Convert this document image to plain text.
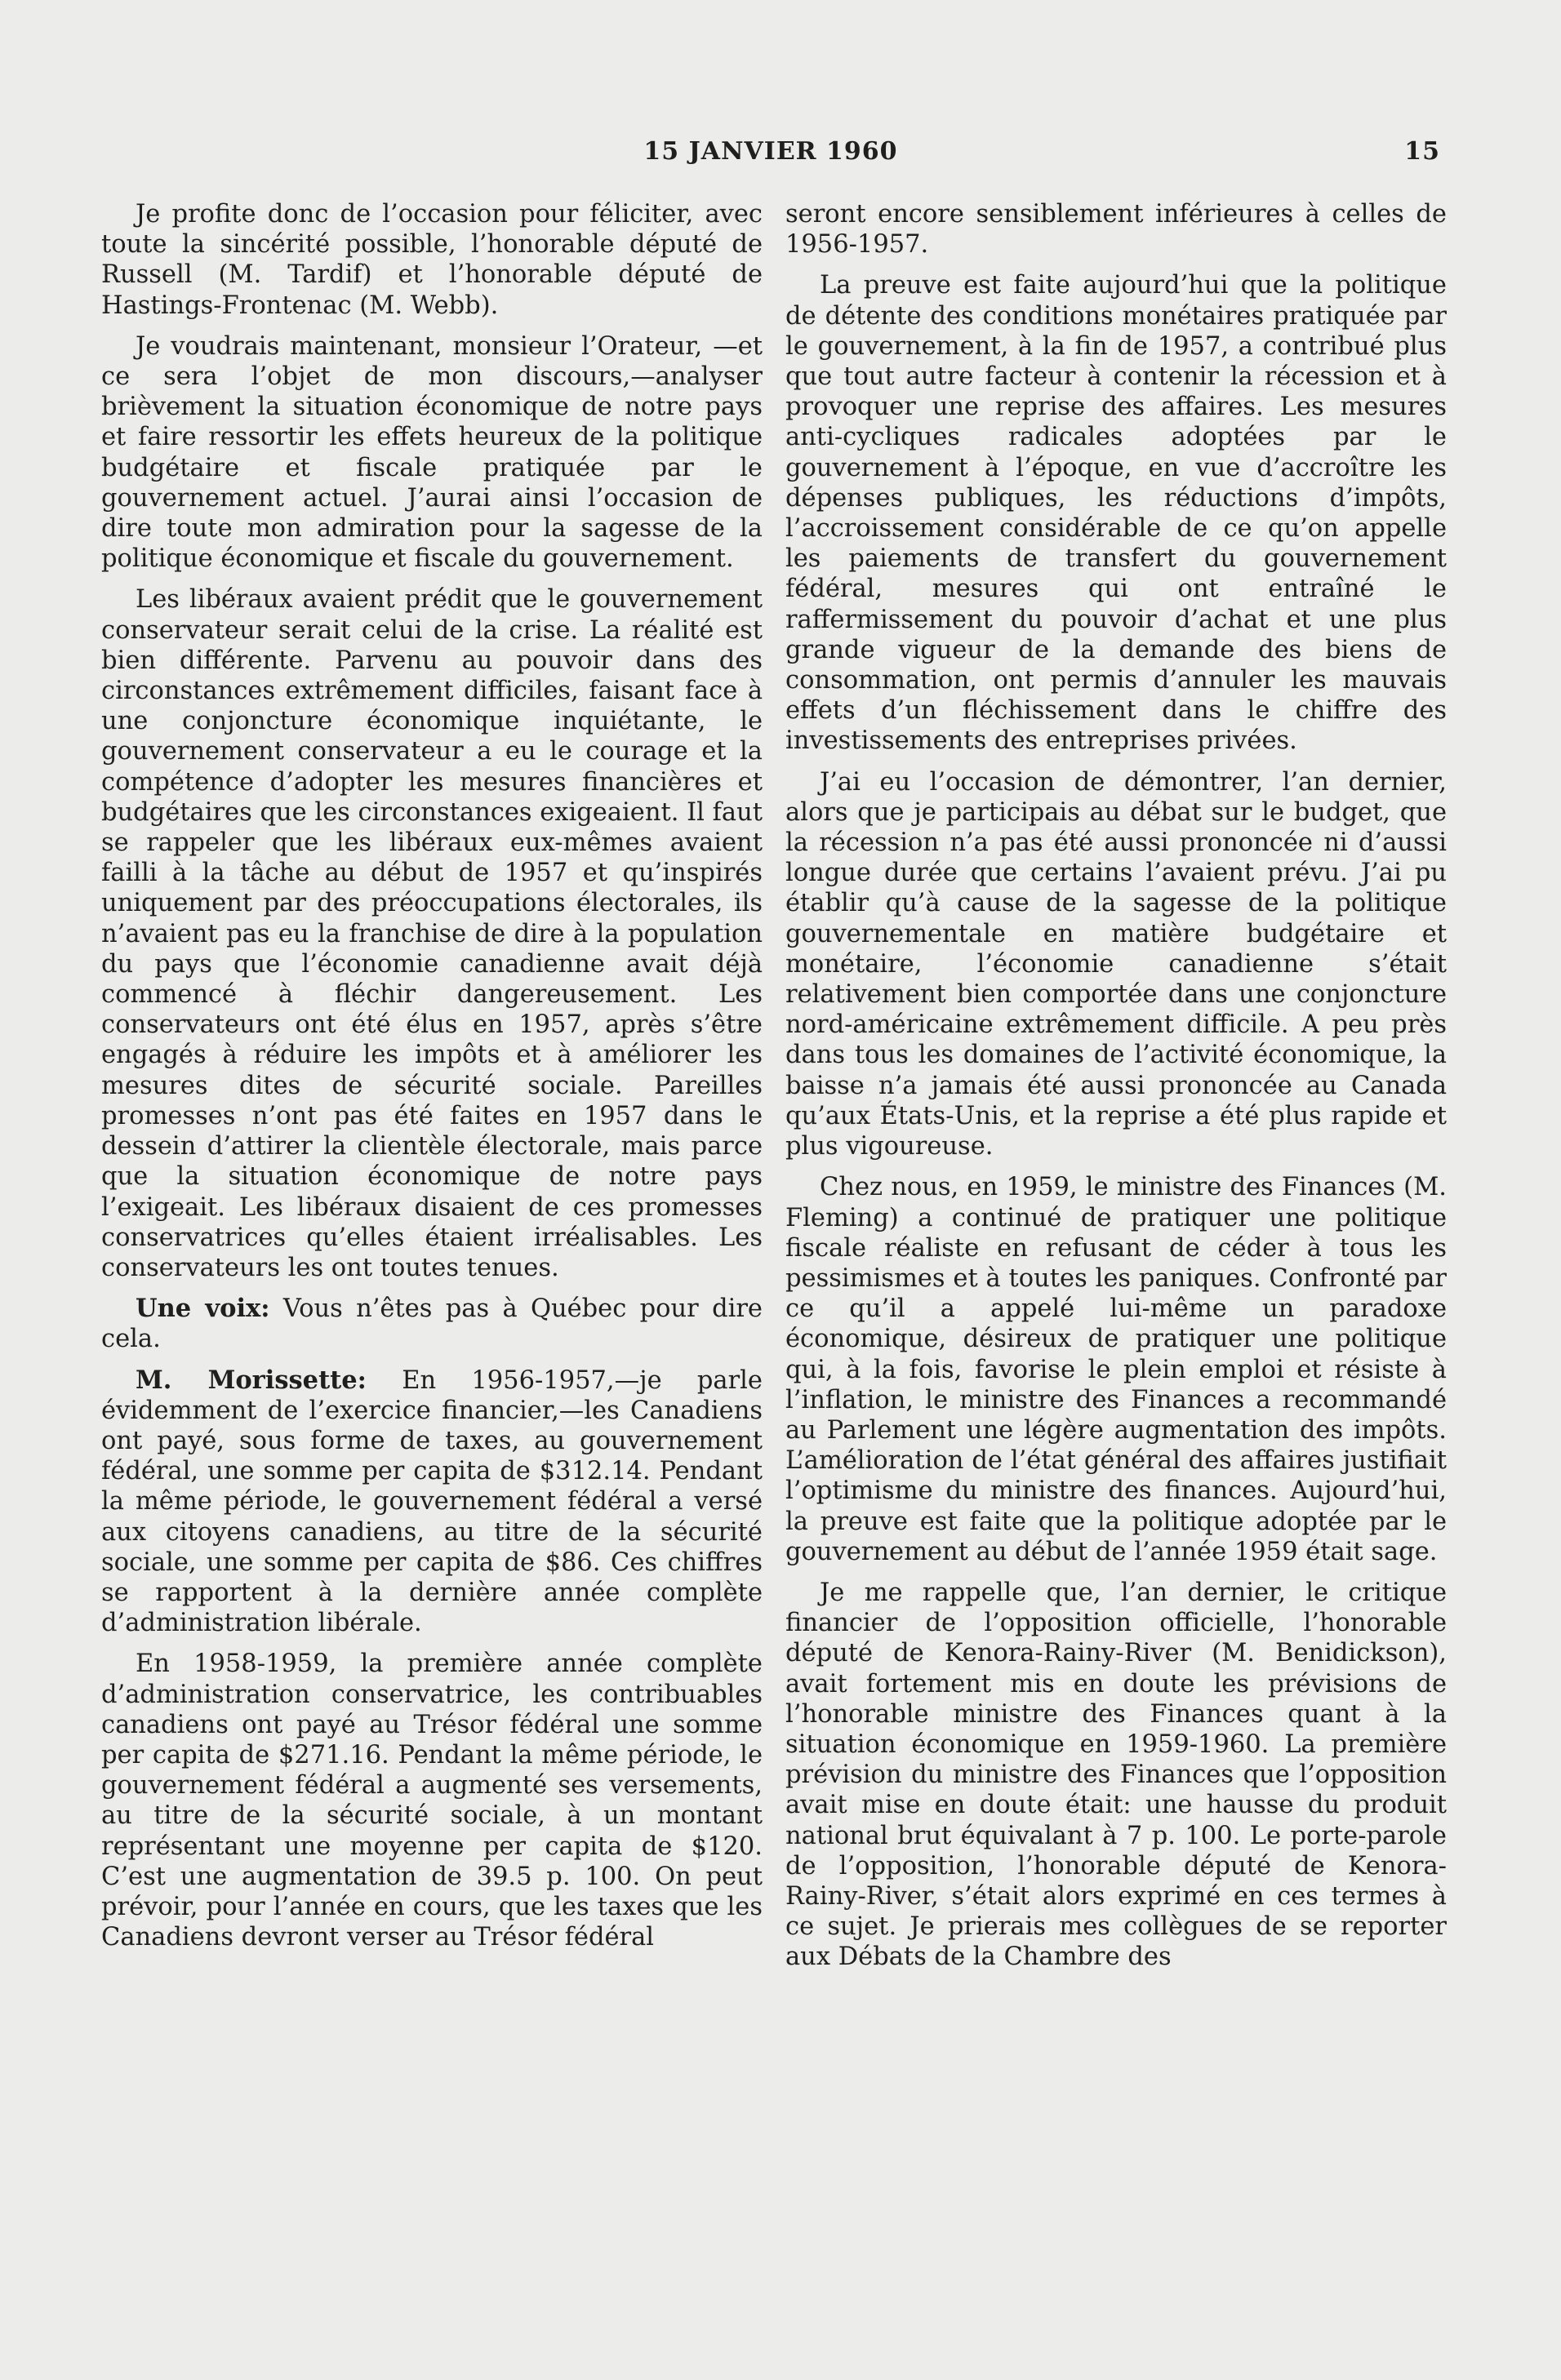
15 JANVIER 1960	15

Je profite donc de l’occasion pour féliciter, avec toute la sincérité possible, l’honorable député de Russell (M. Tardif) et l’honorable député de Hastings-Frontenac (M. Webb).

Je voudrais maintenant, monsieur l’Orateur, —et ce sera l’objet de mon discours,—analyser brièvement la situation économique de notre pays et faire ressortir les effets heureux de la politique budgétaire et fiscale pratiquée par le gouvernement actuel. J’aurai ainsi l’occasion de dire toute mon admiration pour la sagesse de la politique économique et fiscale du gouvernement.

Les libéraux avaient prédit que le gouvernement conservateur serait celui de la crise. La réalité est bien différente. Parvenu au pouvoir dans des circonstances extrêmement difficiles, faisant face à une conjoncture économique inquiétante, le gouvernement conservateur a eu le courage et la compétence d’adopter les mesures financières et budgétaires que les circonstances exigeaient. Il faut se rappeler que les libéraux eux-mêmes avaient failli à la tâche au début de 1957 et qu’inspirés uniquement par des préoccupations électorales, ils n’avaient pas eu la franchise de dire à la population du pays que l’économie canadienne avait déjà commencé à fléchir dangereusement. Les conservateurs ont été élus en 1957, après s’être engagés à réduire les impôts et à améliorer les mesures dites de sécurité sociale. Pareilles promesses n’ont pas été faites en 1957 dans le dessein d’attirer la clientèle électorale, mais parce que la situation économique de notre pays l’exigeait. Les libéraux disaient de ces promesses conservatrices qu’elles étaient irréalisables. Les conservateurs les ont toutes tenues.

Une voix: Vous n’êtes pas à Québec pour dire cela.

M. Morissette: En 1956-1957,—je parle évidemment de l’exercice financier,—les Canadiens ont payé, sous forme de taxes, au gouvernement fédéral, une somme per capita de $312.14. Pendant la même période, le gouvernement fédéral a versé aux citoyens canadiens, au titre de la sécurité sociale, une somme per capita de $86. Ces chiffres se rapportent à la dernière année complète d’administration libérale.

En 1958-1959, la première année complète d’administration conservatrice, les contribuables canadiens ont payé au Trésor fédéral une somme per capita de $271.16. Pendant la même période, le gouvernement fédéral a augmenté ses versements, au titre de la sécurité sociale, à un montant représentant une moyenne per capita de $120. C’est une augmentation de 39.5 p. 100. On peut prévoir, pour l’année en cours, que les taxes que les Canadiens devront verser au Trésor fédéral

seront encore sensiblement inférieures à celles de 1956-1957.

La preuve est faite aujourd’hui que la politique de détente des conditions monétaires pratiquée par le gouvernement, à la fin de 1957, a contribué plus que tout autre facteur à contenir la récession et à provoquer une reprise des affaires. Les mesures anti-cycliques radicales adoptées par le gouvernement à l’époque, en vue d’accroître les dépenses publiques, les réductions d’impôts, l’accroissement considérable de ce qu’on appelle les paiements de transfert du gouvernement fédéral, mesures qui ont entraîné le raffermissement du pouvoir d’achat et une plus grande vigueur de la demande des biens de consommation, ont permis d’annuler les mauvais effets d’un fléchissement dans le chiffre des investissements des entreprises privées.

J’ai eu l’occasion de démontrer, l’an dernier, alors que je participais au débat sur le budget, que la récession n’a pas été aussi prononcée ni d’aussi longue durée que certains l’avaient prévu. J’ai pu établir qu’à cause de la sagesse de la politique gouvernementale en matière budgétaire et monétaire, l’économie canadienne s’était relativement bien comportée dans une conjoncture nord-américaine extrêmement difficile. A peu près dans tous les domaines de l’activité économique, la baisse n’a jamais été aussi prononcée au Canada qu’aux États-Unis, et la reprise a été plus rapide et plus vigoureuse.

Chez nous, en 1959, le ministre des Finances (M. Fleming) a continué de pratiquer une politique fiscale réaliste en refusant de céder à tous les pessimismes et à toutes les paniques. Confronté par ce qu’il a appelé lui-même un paradoxe économique, désireux de pratiquer une politique qui, à la fois, favorise le plein emploi et résiste à l’inflation, le ministre des Finances a recommandé au Parlement une légère augmentation des impôts. L’amélioration de l’état général des affaires justifiait l’optimisme du ministre des finances. Aujourd’hui, la preuve est faite que la politique adoptée par le gouvernement au début de l’année 1959 était sage.

Je me rappelle que, l’an dernier, le critique financier de l’opposition officielle, l’honorable député de Kenora-Rainy-River (M. Benidickson), avait fortement mis en doute les prévisions de l’honorable ministre des Finances quant à la situation économique en 1959-1960. La première prévision du ministre des Finances que l’opposition avait mise en doute était: une hausse du produit national brut équivalant à 7 p. 100. Le porte-parole de l’opposition, l’honorable député de Kenora-Rainy-River, s’était alors exprimé en ces termes à ce sujet. Je prierais mes collègues de se reporter aux Débats de la Chambre des
